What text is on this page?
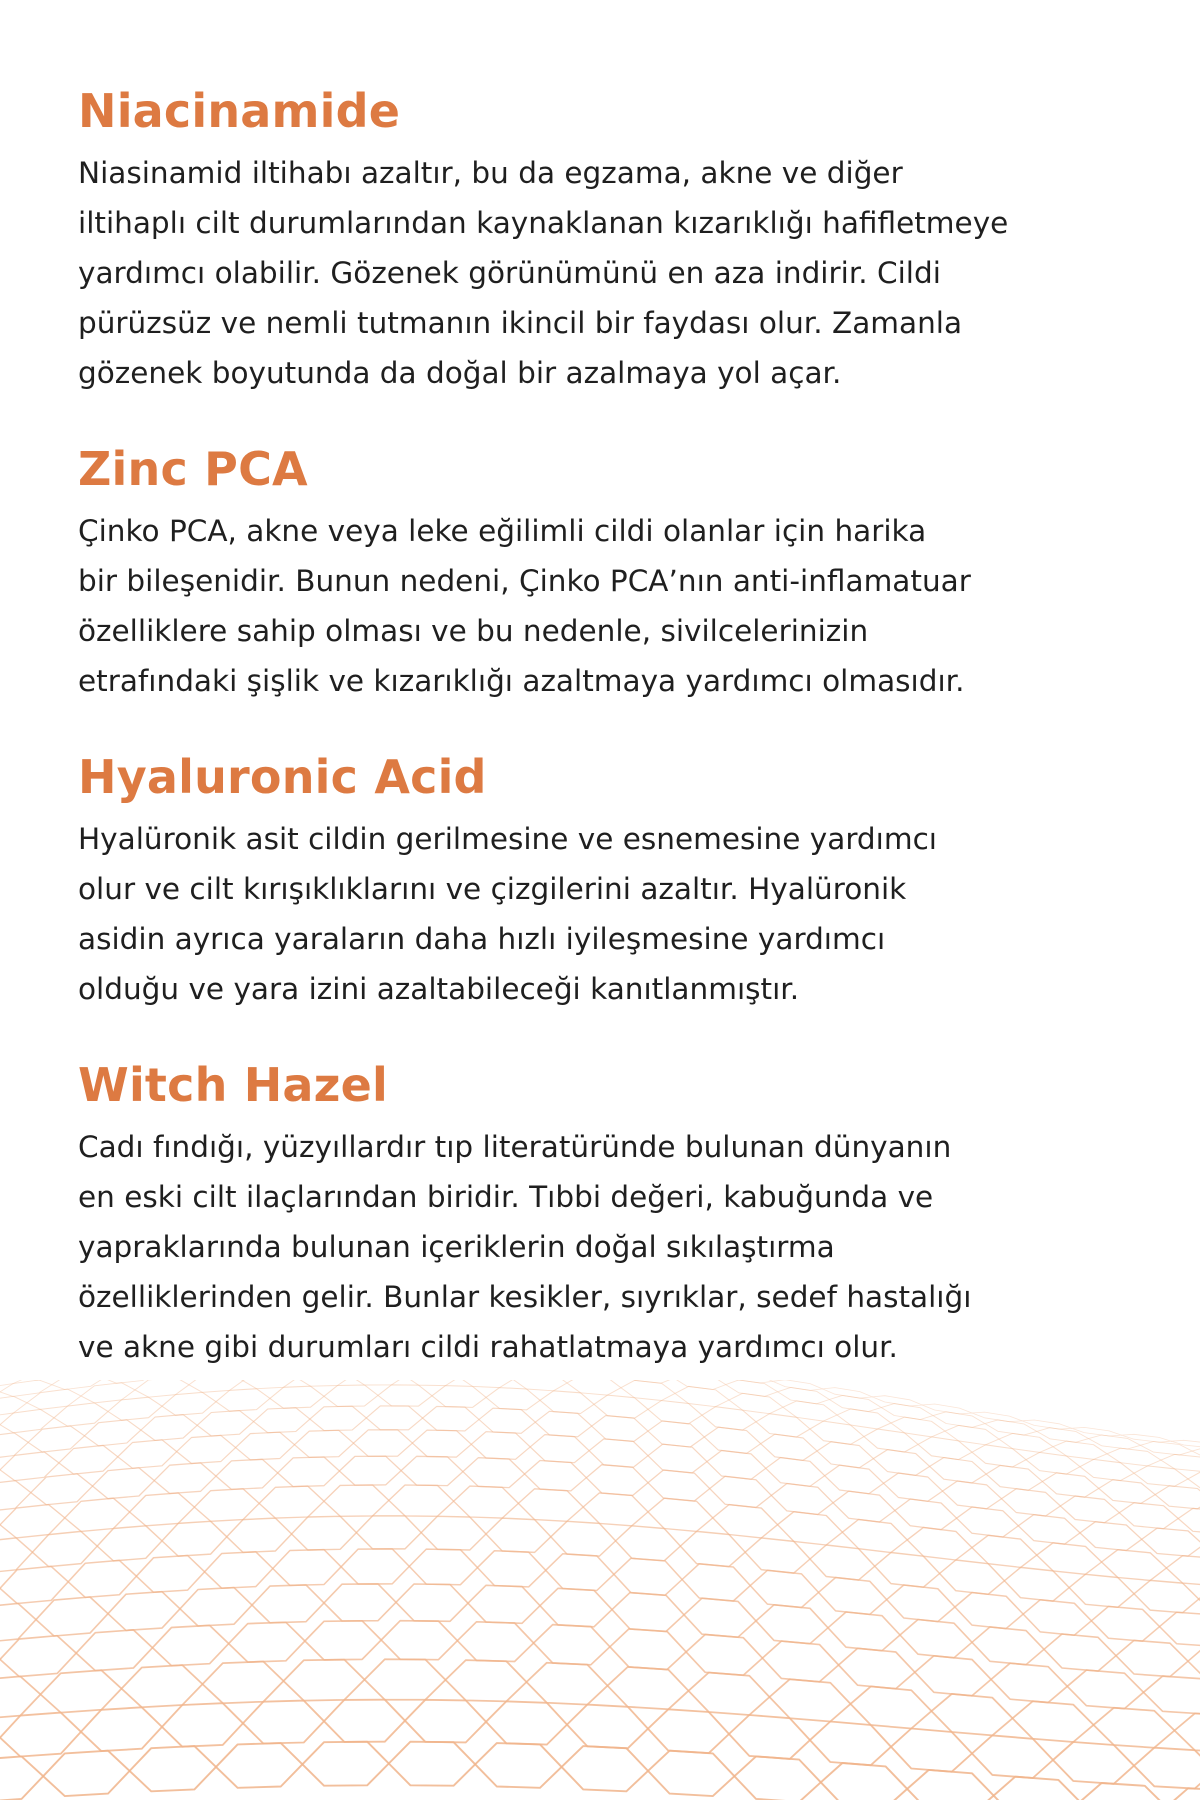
Niacinamide

Niasinamid iltihabı azaltır, bu da egzama, akne ve diğer
iltihaplı cilt durumlarından kaynaklanan kızarıklığı hafifletmeye
yardımcı olabilir. Gözenek görünümünü en aza indirir. Cildi
pürüzsüz ve nemli tutmanın ikincil bir faydası olur. Zamanla
gözenek boyutunda da doğal bir azalmaya yol açar.

Zinc PCA

Çinko PCA, akne veya leke eğilimli cildi olanlar için harika
bir bileşenidir. Bunun nedeni, Çinko PCA’nın anti-inflamatuar
özelliklere sahip olması ve bu nedenle, sivilcelerinizin
etrafındaki şişlik ve kızarıklığı azaltmaya yardımcı olmasıdır.

Hyaluronic Acid

Hyalüronik asit cildin gerilmesine ve esnemesine yardımcı
olur ve cilt kırışıklıklarını ve çizgilerini azaltır. Hyalüronik
asidin ayrıca yaraların daha hızlı iyileşmesine yardımcı
olduğu ve yara izini azaltabileceği kanıtlanmıştır.

Witch Hazel

Cadı fındığı, yüzyıllardır tıp literatüründe bulunan dünyanın
en eski cilt ilaçlarından biridir. Tıbbi değeri, kabuğunda ve
yapraklarında bulunan içeriklerin doğal sıkılaştırma
özelliklerinden gelir. Bunlar kesikler, sıyrıklar, sedef hastalığı
ve akne gibi durumları cildi rahatlatmaya yardımcı olur.
